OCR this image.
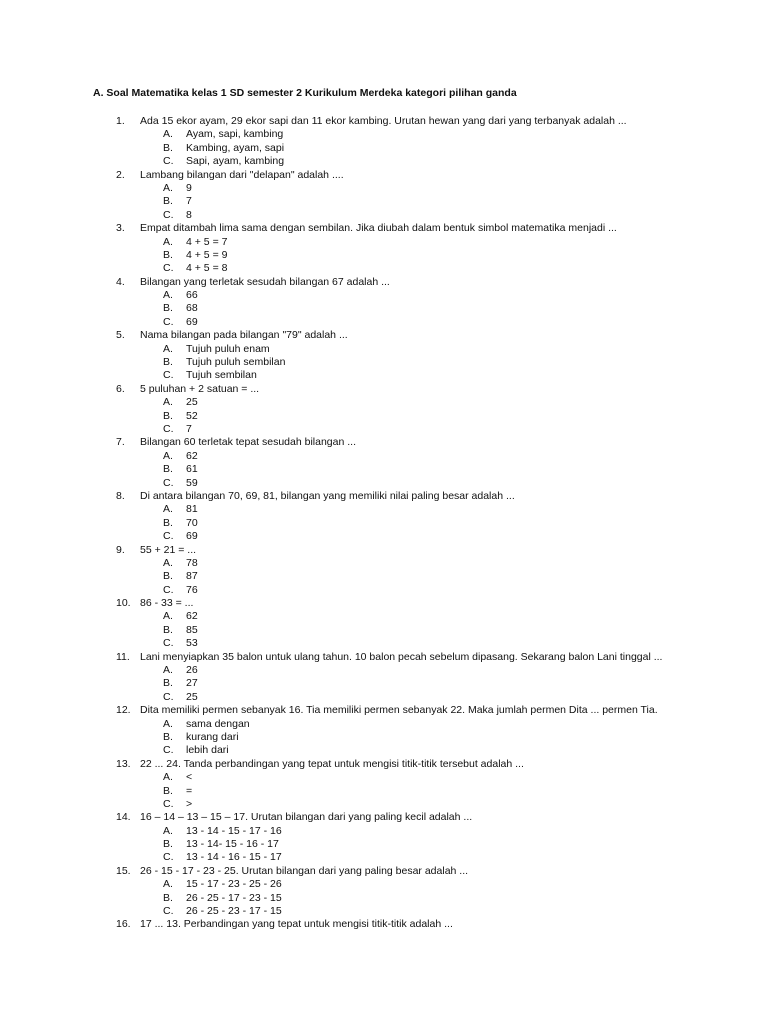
A. Soal Matematika kelas 1 SD semester 2 Kurikulum Merdeka kategori pilihan ganda
1. Ada 15 ekor ayam, 29 ekor sapi dan 11 ekor kambing. Urutan hewan yang dari yang terbanyak adalah ...
A. Ayam, sapi, kambing
B. Kambing, ayam, sapi
C. Sapi, ayam, kambing
2. Lambang bilangan dari "delapan" adalah ....
A. 9
B. 7
C. 8
3. Empat ditambah lima sama dengan sembilan. Jika diubah dalam bentuk simbol matematika menjadi ...
A. 4 + 5 = 7
B. 4 + 5 = 9
C. 4 + 5 = 8
4. Bilangan yang terletak sesudah bilangan 67 adalah ...
A. 66
B. 68
C. 69
5. Nama bilangan pada bilangan "79" adalah ...
A. Tujuh puluh enam
B. Tujuh puluh sembilan
C. Tujuh sembilan
6. 5 puluhan + 2 satuan = ...
A. 25
B. 52
C. 7
7. Bilangan 60 terletak tepat sesudah bilangan ...
A. 62
B. 61
C. 59
8. Di antara bilangan 70, 69, 81, bilangan yang memiliki nilai paling besar adalah ...
A. 81
B. 70
C. 69
9. 55 + 21 = ...
A. 78
B. 87
C. 76
10. 86 - 33 = ...
A. 62
B. 85
C. 53
11. Lani menyiapkan 35 balon untuk ulang tahun. 10 balon pecah sebelum dipasang. Sekarang balon Lani tinggal ...
A. 26
B. 27
C. 25
12. Dita memiliki permen sebanyak 16. Tia memiliki permen sebanyak 22. Maka jumlah permen Dita ... permen Tia.
A. sama dengan
B. kurang dari
C. lebih dari
13. 22 ... 24. Tanda perbandingan yang tepat untuk mengisi titik-titik tersebut adalah ...
A. <
B. =
C. >
14. 16 – 14 – 13 – 15 – 17. Urutan bilangan dari yang paling kecil adalah ...
A. 13 - 14 - 15 - 17 - 16
B. 13 - 14- 15 - 16 - 17
C. 13 - 14 - 16 - 15 - 17
15. 26 - 15 - 17 - 23 - 25. Urutan bilangan dari yang paling besar adalah ...
A. 15 - 17 - 23 - 25 - 26
B. 26 - 25 - 17 - 23 - 15
C. 26 - 25 - 23 - 17 - 15
16. 17 ... 13. Perbandingan yang tepat untuk mengisi titik-titik adalah ...
